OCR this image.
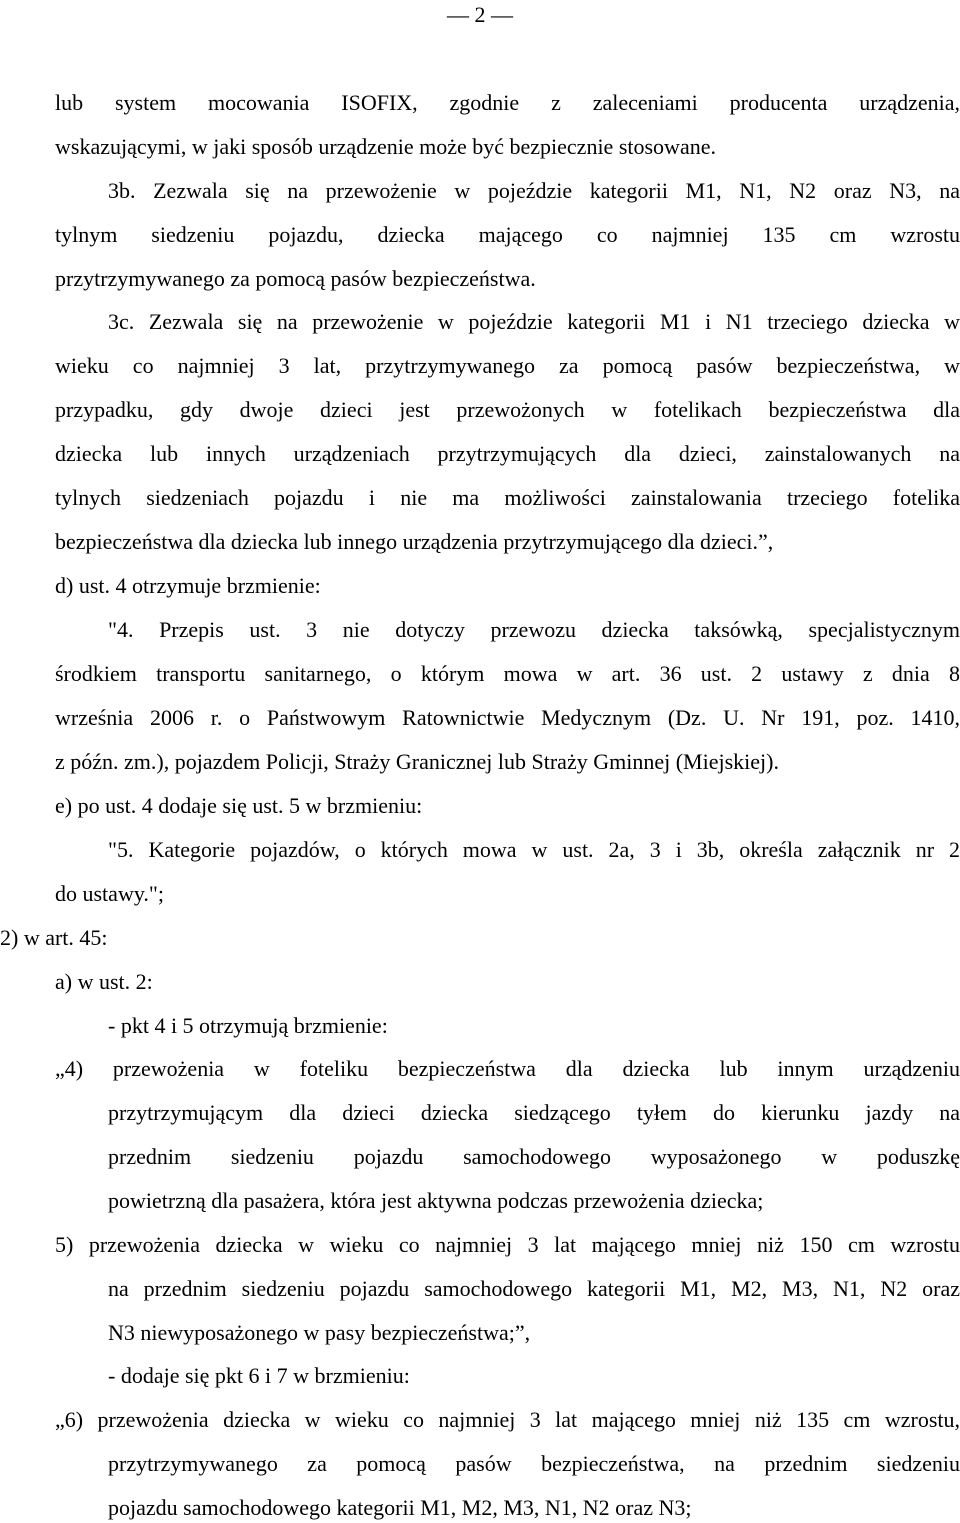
— 2 —

lub system mocowania ISOFIX, zgodnie z zaleceniami producenta urządzenia,

wskazującymi, w jaki sposób urządzenie może być bezpiecznie stosowane.

3b. Zezwala się na przewożenie w pojeździe kategorii M1, N1, N2 oraz N3, na

tylnym siedzeniu pojazdu, dziecka mającego co najmniej 135 cm wzrostu

przytrzymywanego za pomocą pasów bezpieczeństwa.

3c. Zezwala się na przewożenie w pojeździe kategorii M1 i N1 trzeciego dziecka w

wieku co najmniej 3 lat, przytrzymywanego za pomocą pasów bezpieczeństwa, w

przypadku, gdy dwoje dzieci jest przewożonych w fotelikach bezpieczeństwa dla

dziecka lub innych urządzeniach przytrzymujących dla dzieci, zainstalowanych na

tylnych siedzeniach pojazdu i nie ma możliwości zainstalowania trzeciego fotelika

bezpieczeństwa dla dziecka lub innego urządzenia przytrzymującego dla dzieci.”,

d) ust. 4 otrzymuje brzmienie:

"4. Przepis ust. 3 nie dotyczy przewozu dziecka taksówką, specjalistycznym

środkiem transportu sanitarnego, o którym mowa w art. 36 ust. 2 ustawy z dnia 8

września 2006 r. o Państwowym Ratownictwie Medycznym (Dz. U. Nr 191, poz. 1410,

z późn. zm.), pojazdem Policji, Straży Granicznej lub Straży Gminnej (Miejskiej).

e) po ust. 4 dodaje się ust. 5 w brzmieniu:

"5. Kategorie pojazdów, o których mowa w ust. 2a, 3 i 3b, określa załącznik nr 2

do ustawy.";

2) w art. 45:

a) w ust. 2:

- pkt 4 i 5 otrzymują brzmienie:

„4) przewożenia w foteliku bezpieczeństwa dla dziecka lub innym urządzeniu

przytrzymującym dla dzieci dziecka siedzącego tyłem do kierunku jazdy na

przednim siedzeniu pojazdu samochodowego wyposażonego w poduszkę

powietrzną dla pasażera, która jest aktywna podczas przewożenia dziecka;

5) przewożenia dziecka w wieku co najmniej 3 lat mającego mniej niż 150 cm wzrostu

na przednim siedzeniu pojazdu samochodowego kategorii M1, M2, M3, N1, N2 oraz

N3 niewyposażonego w pasy bezpieczeństwa;”,

- dodaje się pkt 6 i 7 w brzmieniu:

„6) przewożenia dziecka w wieku co najmniej 3 lat mającego mniej niż 135 cm wzrostu,

przytrzymywanego za pomocą pasów bezpieczeństwa, na przednim siedzeniu

pojazdu samochodowego kategorii M1, M2, M3, N1, N2 oraz N3;
